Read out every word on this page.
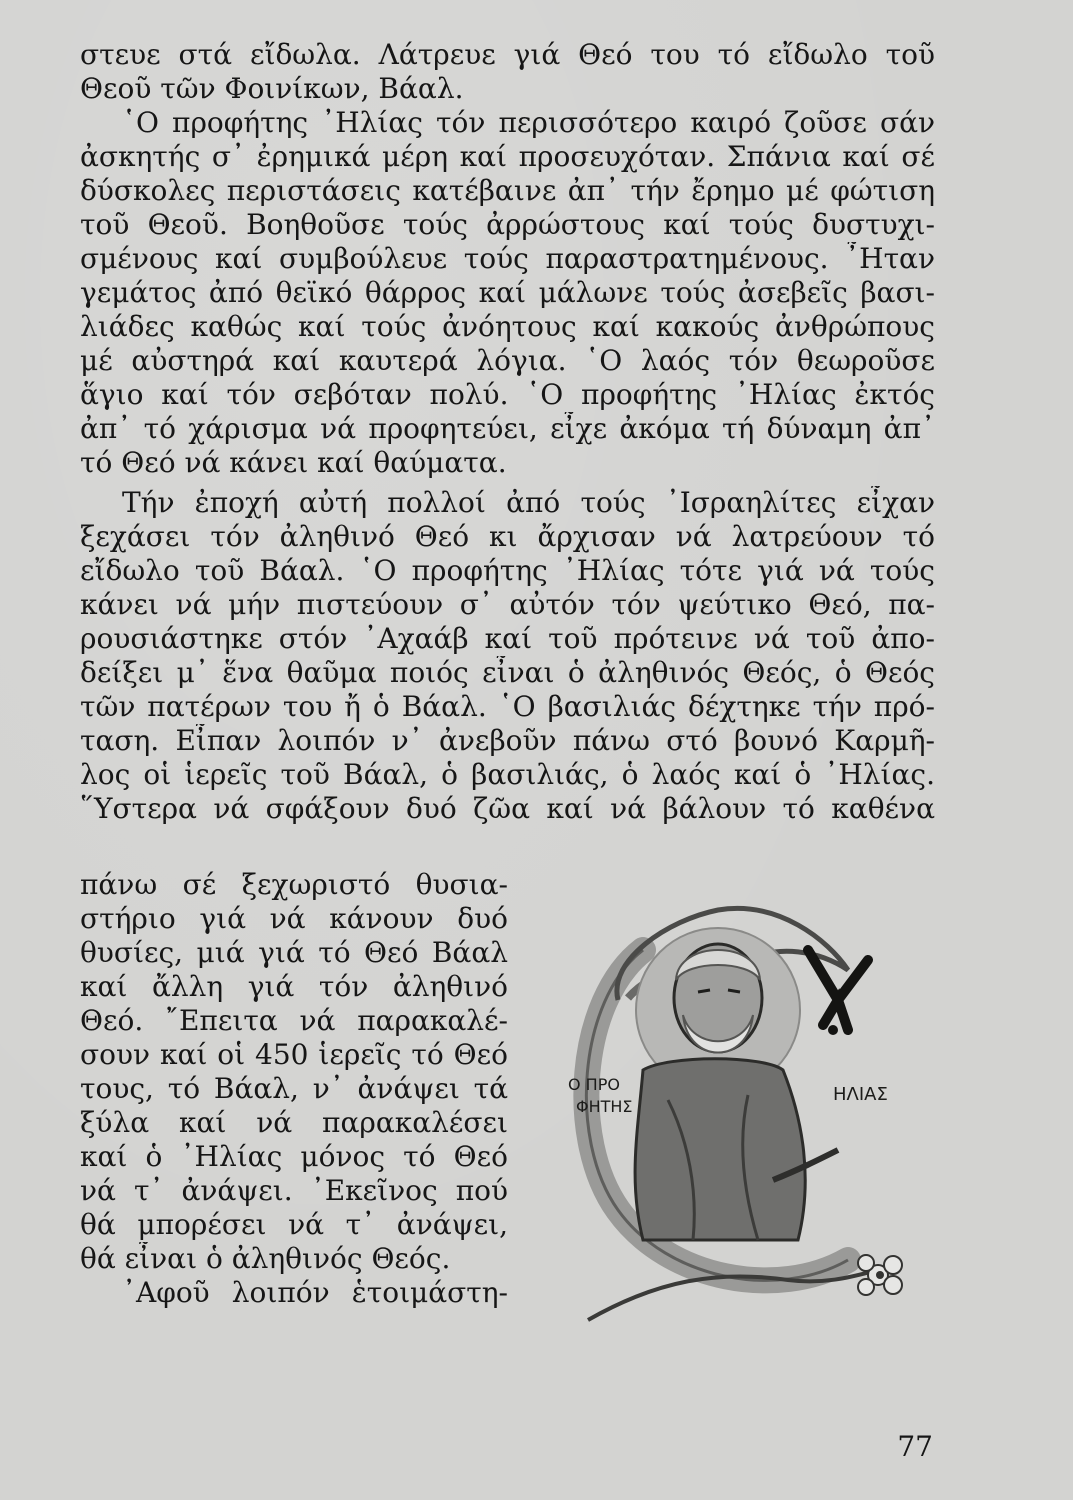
στευε στά εἴδωλα. Λάτρευε γιά Θεό του τό εἴδωλο τοῦ
Θεοῦ τῶν Φοινίκων, Βάαλ.
῾Ο προφήτης ᾿Ηλίας τόν περισσότερο καιρό ζοῦσε σάν
ἀσκητής σ᾿ ἐρημικά μέρη καί προσευχόταν. Σπάνια καί σέ
δύσκολες περιστάσεις κατέβαινε ἀπ᾿ τήν ἔρημο μέ φώτιση
τοῦ Θεοῦ. Βοηθοῦσε τούς ἀρρώστους καί τούς δυστυχι-
σμένους καί συμβούλευε τούς παραστρατημένους. ῏Ηταν
γεμάτος ἀπό θεϊκό θάρρος καί μάλωνε τούς ἀσεβεῖς βασι-
λιάδες καθώς καί τούς ἀνόητους καί κακούς ἀνθρώπους
μέ αὐστηρά καί καυτερά λόγια. ῾Ο λαός τόν θεωροῦσε
ἅγιο καί τόν σεβόταν πολύ. ῾Ο προφήτης ᾿Ηλίας ἐκτός
ἀπ᾿ τό χάρισμα νά προφητεύει, εἶχε ἀκόμα τή δύναμη ἀπ᾿
τό Θεό νά κάνει καί θαύματα.
Τήν ἐποχή αὐτή πολλοί ἀπό τούς ᾿Ισραηλίτες εἶχαν
ξεχάσει τόν ἀληθινό Θεό κι ἄρχισαν νά λατρεύουν τό
εἴδωλο τοῦ Βάαλ. ῾Ο προφήτης ᾿Ηλίας τότε γιά νά τούς
κάνει νά μήν πιστεύουν σ᾿ αὐτόν τόν ψεύτικο Θεό, πα-
ρουσιάστηκε στόν ᾿Αχαάβ καί τοῦ πρότεινε νά τοῦ ἀπο-
δείξει μ᾿ ἕνα θαῦμα ποιός εἶναι ὁ ἀληθινός Θεός, ὁ Θεός
τῶν πατέρων του ἤ ὁ Βάαλ. ῾Ο βασιλιάς δέχτηκε τήν πρό-
ταση. Εἶπαν λοιπόν ν᾿ ἀνεβοῦν πάνω στό βουνό Καρμῆ-
λος οἱ ἱερεῖς τοῦ Βάαλ, ὁ βασιλιάς, ὁ λαός καί ὁ ᾿Ηλίας.
῞Υστερα νά σφάξουν δυό ζῶα καί νά βάλουν τό καθένα
πάνω σέ ξεχωριστό θυσια-
στήριο γιά νά κάνουν δυό
θυσίες, μιά γιά τό Θεό Βάαλ
καί ἄλλη γιά τόν ἀληθινό
Θεό. ῎Επειτα νά παρακαλέ-
σουν καί οἱ 450 ἱερεῖς τό Θεό
τους, τό Βάαλ, ν᾿ ἀνάψει τά
ξύλα καί νά παρακαλέσει
καί ὁ ᾿Ηλίας μόνος τό Θεό
νά τ᾿ ἀνάψει. ᾿Εκεῖνος πού
θά μπορέσει νά τ᾿ ἀνάψει,
θά εἶναι ὁ ἀληθινός Θεός.
᾿Αφοῦ λοιπόν ἑτοιμάστη-
Ο ΠΡΟ
ΦΗΤΗΣ
ΗΛΙΑΣ
77
